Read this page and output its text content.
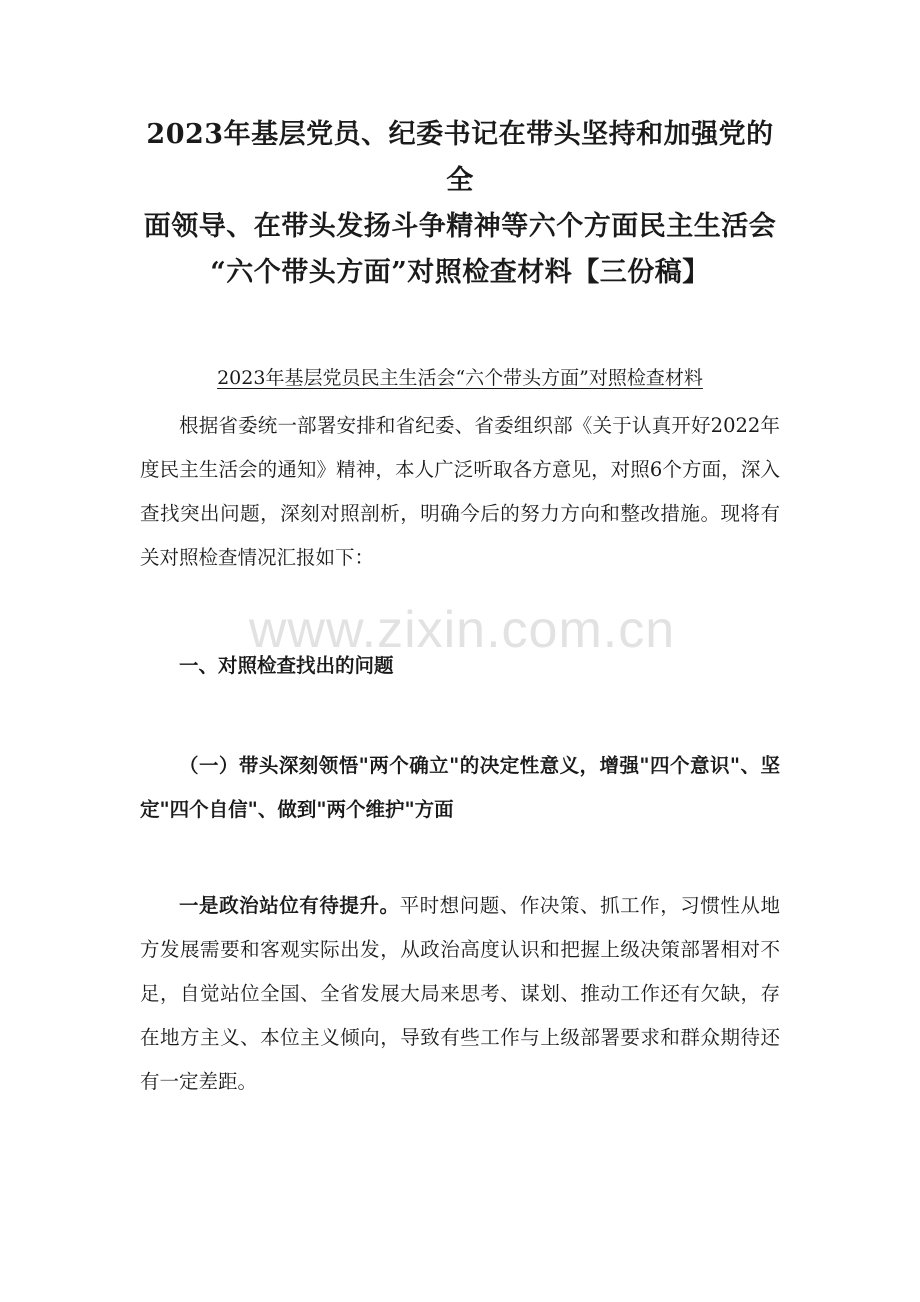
2023年基层党员、纪委书记在带头坚持和加强党的全
面领导、在带头发扬斗争精神等六个方面民主生活会
“六个带头方面”对照检查材料【三份稿】
2023年基层党员民主生活会“六个带头方面”对照检查材料

根据省委统一部署安排和省纪委、省委组织部《关于认真开好2022年度民主生活会的通知》精神，本人广泛听取各方意见，对照6个方面，深入查找突出问题，深刻对照剖析，明确今后的努力方向和整改措施。现将有关对照检查情况汇报如下：

一、对照检查找出的问题
（一）带头深刻领悟"两个确立"的决定性意义，增强"四个意识"、坚定"四个自信"、做到"两个维护"方面

一是政治站位有待提升。平时想问题、作决策、抓工作，习惯性从地方发展需要和客观实际出发，从政治高度认识和把握上级决策部署相对不足，自觉站位全国、全省发展大局来思考、谋划、推动工作还有欠缺，存在地方主义、本位主义倾向，导致有些工作与上级部署要求和群众期待还有一定差距。

www.zixin.com.cn
